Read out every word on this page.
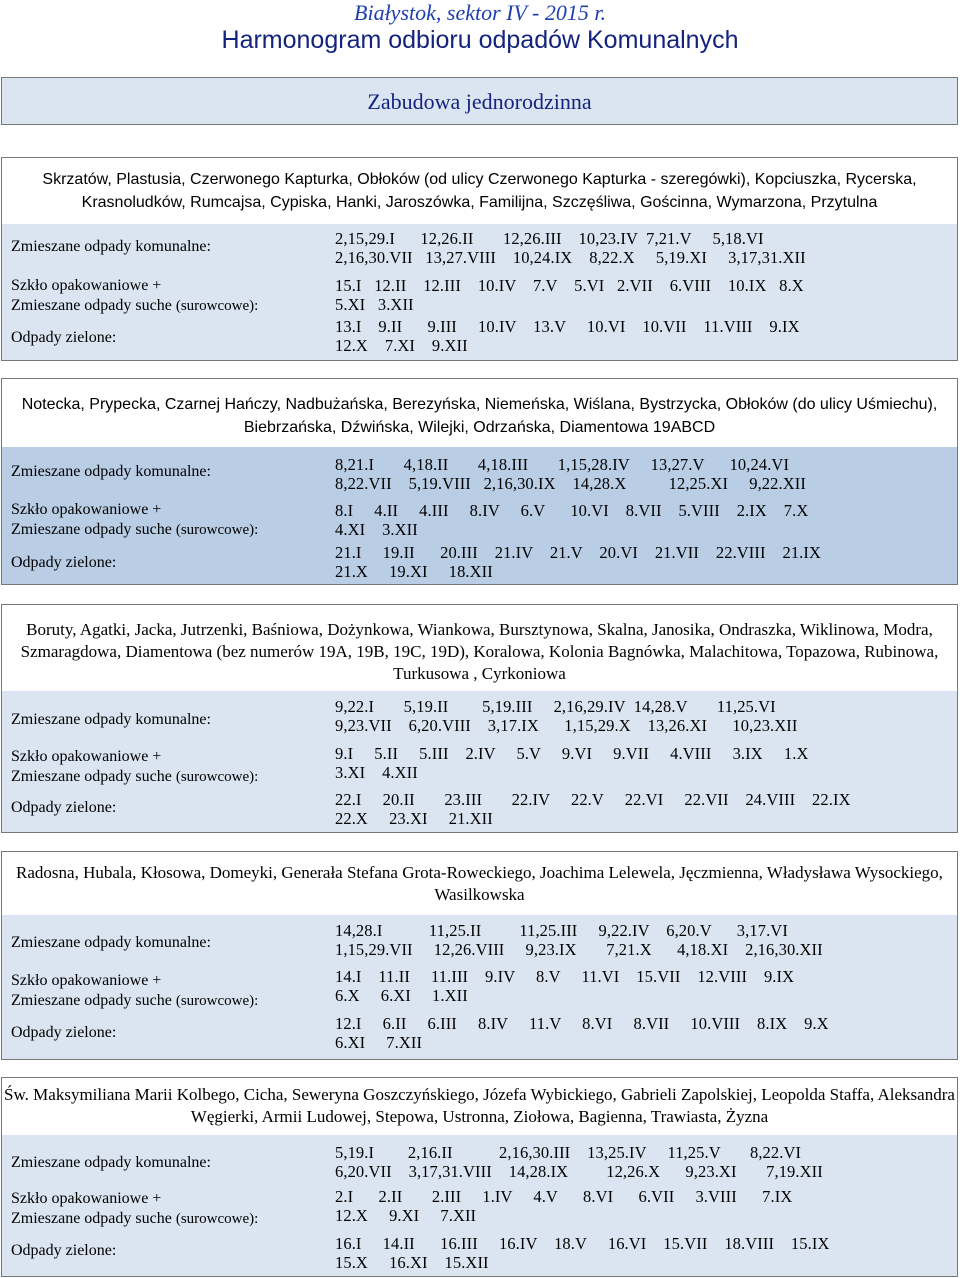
Białystok, sektor IV - 2015 r.
Harmonogram odbioru odpadów Komunalnych
Zabudowa jednorodzinna
Skrzatów, Plastusia, Czerwonego Kapturka, Obłoków (od ulicy Czerwonego Kapturka - szeregówki), Kopciuszka, Rycerska, Krasnoludków, Rumcajsa, Cypiska, Hanki, Jaroszówka, Familijna, Szczęśliwa, Gościnna, Wymarzona, Przytulna
Zmieszane odpady komunalne:
Szkło opakowaniowe +
Zmieszane odpady suche (surowcowe):
Odpady zielone:
2,15,29.I      12,26.II       12,26.III    10,23.IV  7,21.V     5,18.VI
2,16,30.VII   13,27.VIII    10,24.IX    8,22.X     5,19.XI     3,17,31.XII
15.I   12.II    12.III    10.IV    7.V    5.VI   2.VII    6.VIII    10.IX   8.X
5.XI   3.XII
13.I    9.II      9.III     10.IV    13.V     10.VI    10.VII    11.VIII    9.IX
12.X    7.XI    9.XII
Notecka, Prypecka, Czarnej Hańczy, Nadbużańska, Berezyńska, Niemeńska, Wiślana, Bystrzycka, Obłoków (do ulicy Uśmiechu), Biebrzańska, Dźwińska, Wilejki, Odrzańska, Diamentowa 19ABCD
Zmieszane odpady komunalne:
Szkło opakowaniowe +
Zmieszane odpady suche (surowcowe):
Odpady zielone:
8,21.I       4,18.II       4,18.III       1,15,28.IV     13,27.V      10,24.VI
8,22.VII    5,19.VIII   2,16,30.IX    14,28.X          12,25.XI     9,22.XII
8.I     4.II     4.III     8.IV     6.V      10.VI    8.VII    5.VIII    2.IX    7.X
4.XI    3.XII
21.I     19.II      20.III    21.IV    21.V    20.VI    21.VII    22.VIII    21.IX
21.X     19.XI     18.XII
Boruty, Agatki, Jacka, Jutrzenki, Baśniowa, Dożynkowa, Wiankowa, Bursztynowa, Skalna, Janosika, Ondraszka, Wiklinowa, Modra, Szmaragdowa, Diamentowa (bez numerów 19A, 19B, 19C, 19D), Koralowa, Kolonia Bagnówka, Malachitowa, Topazowa, Rubinowa, Turkusowa , Cyrkoniowa
Zmieszane odpady komunalne:
Szkło opakowaniowe +
Zmieszane odpady suche (surowcowe):
Odpady zielone:
9,22.I       5,19.II        5,19.III     2,16,29.IV  14,28.V       11,25.VI
9,23.VII    6,20.VIII    3,17.IX      1,15,29.X    13,26.XI      10,23.XII
9.I     5.II     5.III    2.IV     5.V     9.VI     9.VII     4.VIII     3.IX     1.X
3.XI    4.XII
22.I     20.II       23.III       22.IV     22.V     22.VI     22.VII    24.VIII    22.IX
22.X     23.XI     21.XII
Radosna, Hubala, Kłosowa, Domeyki, Generała Stefana Grota-Roweckiego, Joachima Lelewela, Jęczmienna, Władysława Wysockiego, Wasilkowska
Zmieszane odpady komunalne:
Szkło opakowaniowe +
Zmieszane odpady suche (surowcowe):
Odpady zielone:
14,28.I           11,25.II         11,25.III     9,22.IV    6,20.V      3,17.VI
1,15,29.VII     12,26.VIII     9,23.IX       7,21.X      4,18.XI    2,16,30.XII
14.I    11.II     11.III    9.IV     8.V     11.VI    15.VII    12.VIII    9.IX
6.X     6.XI     1.XII
12.I     6.II     6.III     8.IV     11.V     8.VI     8.VII     10.VIII    8.IX    9.X
6.XI     7.XII
Św. Maksymiliana Marii Kolbego, Cicha, Seweryna Goszczyńskiego, Józefa Wybickiego, Gabrieli Zapolskiej, Leopolda Staffa, Aleksandra Węgierki, Armii Ludowej, Stepowa, Ustronna, Ziołowa, Bagienna, Trawiasta, Żyzna
Zmieszane odpady komunalne:
Szkło opakowaniowe +
Zmieszane odpady suche (surowcowe):
Odpady zielone:
5,19.I        2,16.II           2,16,30.III    13,25.IV     11,25.V       8,22.VI
6,20.VII    3,17,31.VIII    14,28.IX         12,26.X      9,23.XI       7,19.XII
2.I      2.II       2.III     1.IV     4.V      8.VI      6.VII     3.VIII      7.IX
12.X     9.XI     7.XII
16.I     14.II      16.III     16.IV    18.V     16.VI    15.VII    18.VIII    15.IX
15.X     16.XI    15.XII
